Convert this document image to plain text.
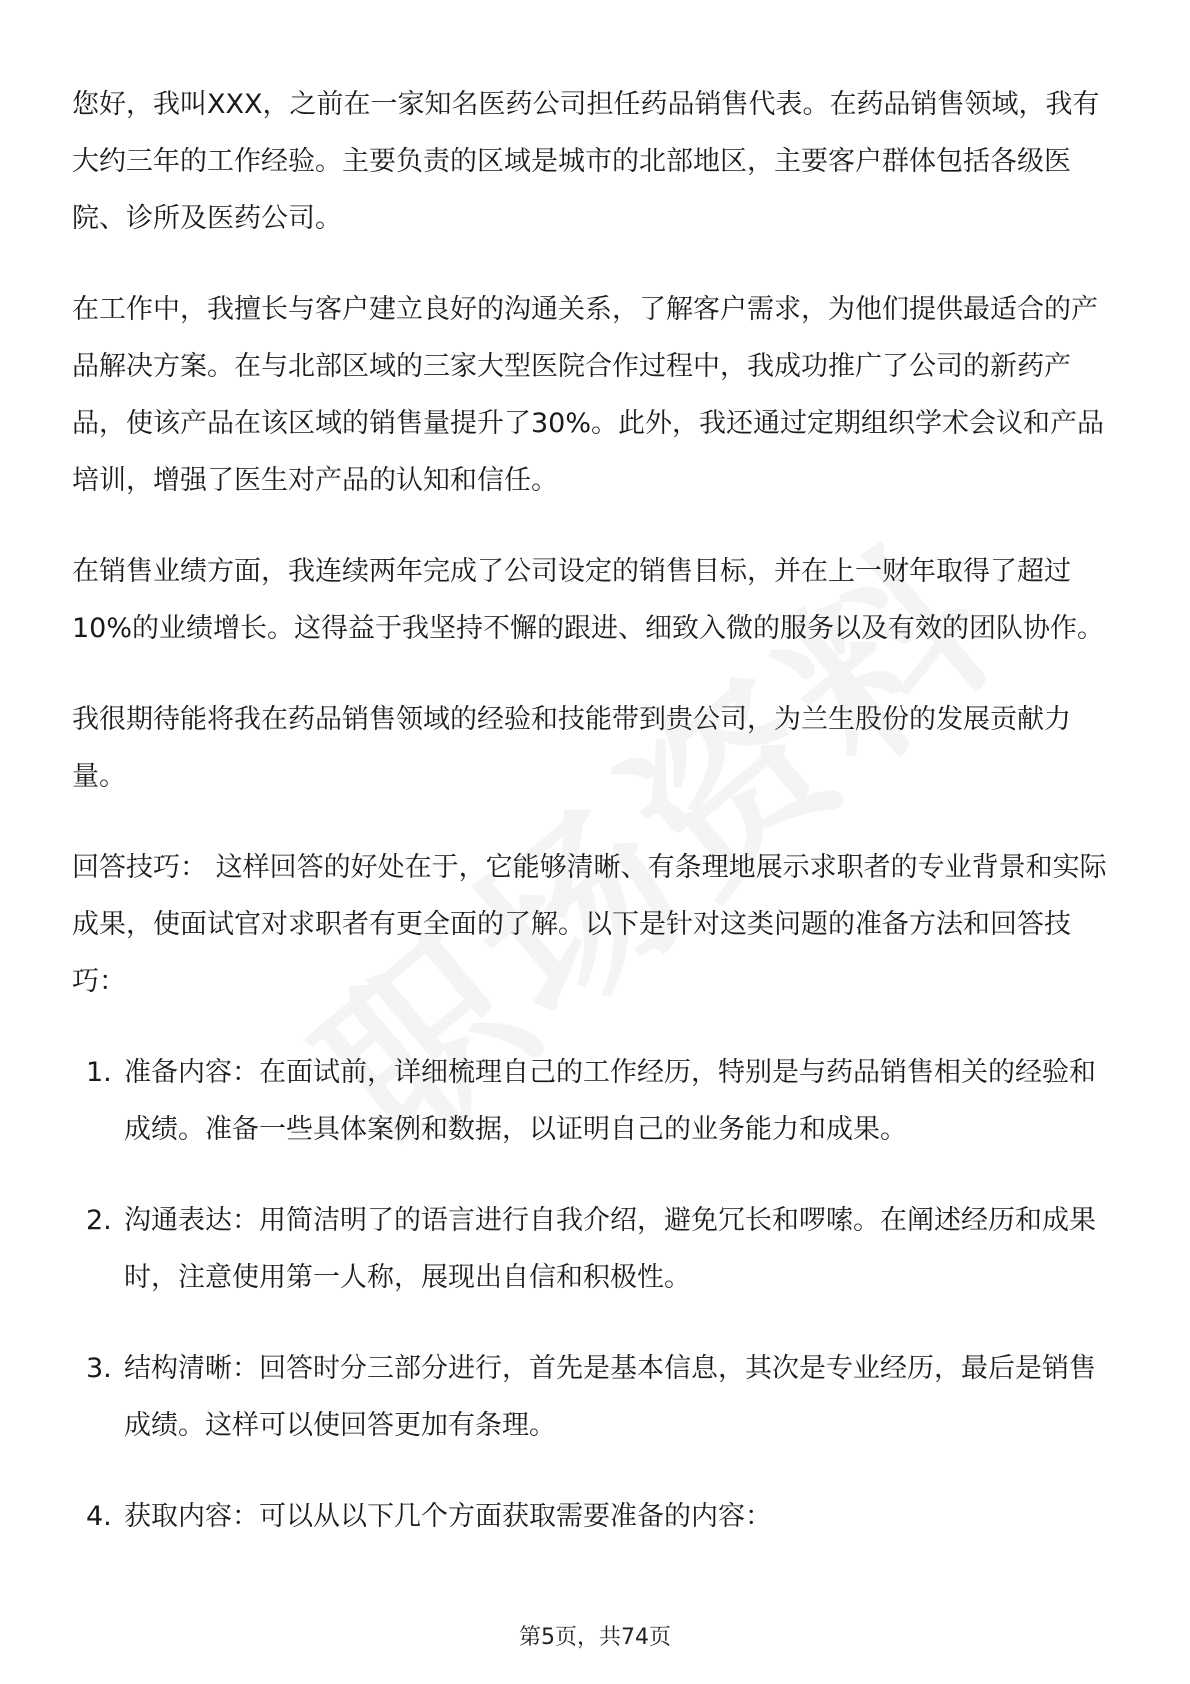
您好，我叫XXX，之前在一家知名医药公司担任药品销售代表。在药品销售领域，我有大约三年的工作经验。主要负责的区域是城市的北部地区，主要客户群体包括各级医院、诊所及医药公司。

在工作中，我擅长与客户建立良好的沟通关系，了解客户需求，为他们提供最适合的产品解决方案。在与北部区域的三家大型医院合作过程中，我成功推广了公司的新药产品，使该产品在该区域的销售量提升了30%。此外，我还通过定期组织学术会议和产品培训，增强了医生对产品的认知和信任。

在销售业绩方面，我连续两年完成了公司设定的销售目标，并在上一财年取得了超过10%的业绩增长。这得益于我坚持不懈的跟进、细致入微的服务以及有效的团队协作。

我很期待能将我在药品销售领域的经验和技能带到贵公司，为兰生股份的发展贡献力量。

回答技巧： 这样回答的好处在于，它能够清晰、有条理地展示求职者的专业背景和实际成果，使面试官对求职者有更全面的了解。以下是针对这类问题的准备方法和回答技巧：

1. 准备内容：在面试前，详细梳理自己的工作经历，特别是与药品销售相关的经验和成绩。准备一些具体案例和数据，以证明自己的业务能力和成果。
2. 沟通表达：用简洁明了的语言进行自我介绍，避免冗长和啰嗦。在阐述经历和成果时，注意使用第一人称，展现出自信和积极性。
3. 结构清晰：回答时分三部分进行，首先是基本信息，其次是专业经历，最后是销售成绩。这样可以使回答更加有条理。
4. 获取内容：可以从以下几个方面获取需要准备的内容：
第5页，共74页
